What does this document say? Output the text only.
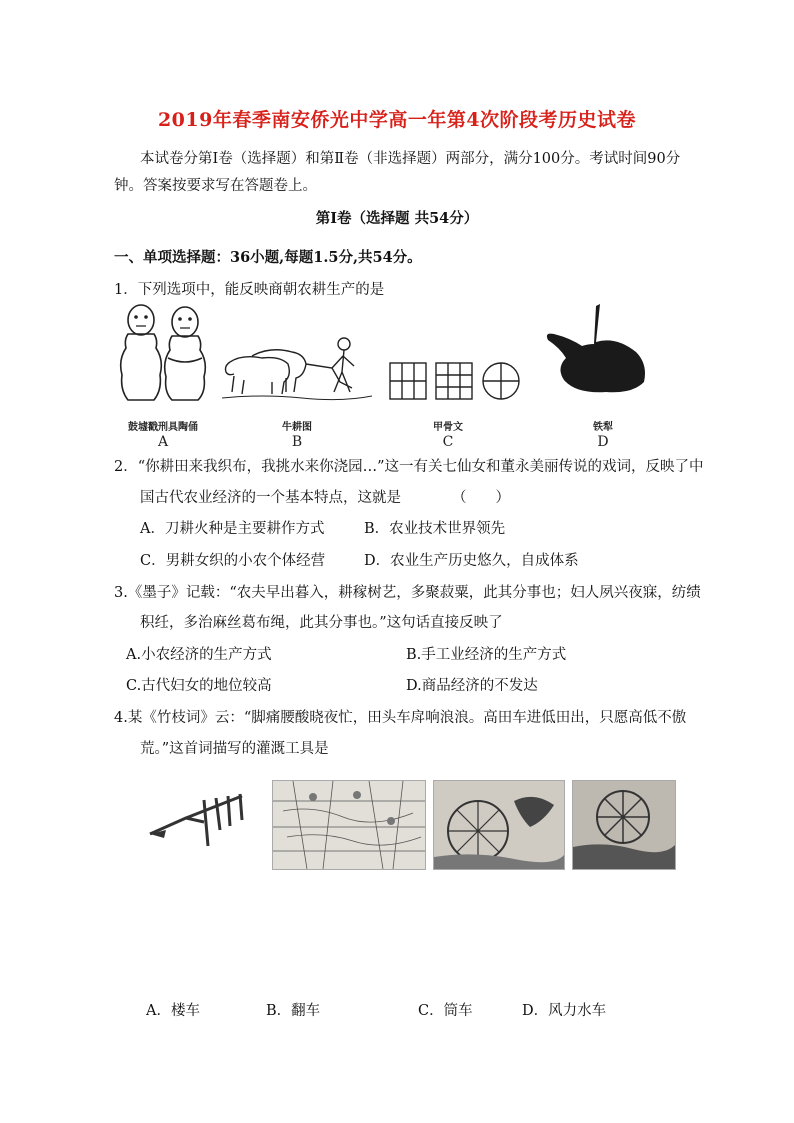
2019年春季南安侨光中学高一年第4次阶段考历史试卷
本试卷分第Ⅰ卷（选择题）和第Ⅱ卷（非选择题）两部分，满分100分。考试时间90分
钟。答案按要求写在答题卷上。
第Ⅰ卷（选择题 共54分）
一、单项选择题：36小题,每题1.5分,共54分。
1．下列选项中，能反映商朝农耕生产的是
鼓墟戳刑具陶俑
A
牛耕图
B
甲骨文
C
铁犁
D
2．“你耕田来我织布，我挑水来你浇园…”这一有关七仙女和董永美丽传说的戏词，反映了中
国古代农业经济的一个基本特点，这就是	（　　）
A．刀耕火种是主要耕作方式	B．农业技术世界领先
C．男耕女织的小农个体经营	D．农业生产历史悠久，自成体系
3.《墨子》记载：“农夫早出暮入，耕稼树艺，多聚菽粟，此其分事也；妇人夙兴夜寐，纺绩
积纴，多治麻丝葛布绳，此其分事也。”这句话直接反映了
A.小农经济的生产方式	B.手工业经济的生产方式
C.古代妇女的地位较高	D.商品经济的不发达
4.某《竹枝词》云：“脚痛腰酸晓夜忙，田头车戽响浪浪。高田车进低田出，只愿高低不傲
荒。”这首词描写的灌溉工具是
A．楼车	B．翻车	C．筒车	D．风力水车
